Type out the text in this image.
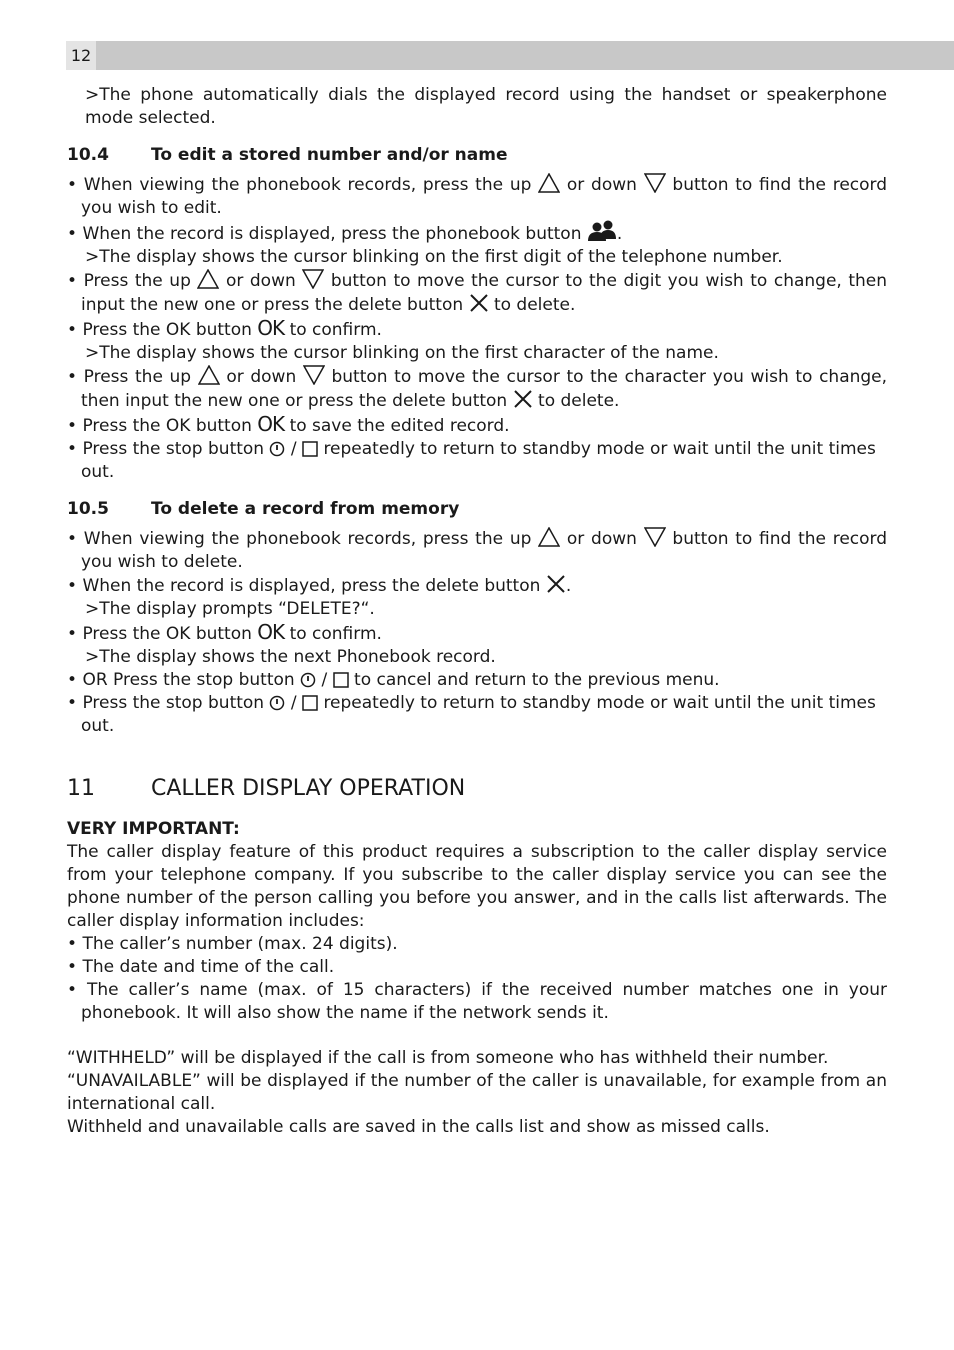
12

>The phone automatically dials the displayed record using the handset or speakerphone mode selected.

10.4 To edit a stored number and/or name

• When viewing the phonebook records, press the up or down button to find the record you wish to edit.

• When the record is displayed, press the phonebook button .

>The display shows the cursor blinking on the first digit of the telephone number.

• Press the up or down button to move the cursor to the digit you wish to change, then input the new one or press the delete button to delete.

• Press the OK button OK to confirm.

>The display shows the cursor blinking on the first character of the name.

• Press the up or down button to move the cursor to the character you wish to change, then input the new one or press the delete button to delete.

• Press the OK button OK to save the edited record.

• Press the stop button / repeatedly to return to standby mode or wait until the unit times out.

10.5 To delete a record from memory

• When viewing the phonebook records, press the up or down button to find the record you wish to delete.

• When the record is displayed, press the delete button .

>The display prompts “DELETE?“.

• Press the OK button OK to confirm.

>The display shows the next Phonebook record.

• OR Press the stop button / to cancel and return to the previous menu.

• Press the stop button / repeatedly to return to standby mode or wait until the unit times out.

11	CALLER DISPLAY OPERATION
VERY IMPORTANT:

The caller display feature of this product requires a subscription to the caller display service from your telephone company. If you subscribe to the caller display service you can see the phone number of the person calling you before you answer, and in the calls list afterwards. The caller display information includes:

• The caller’s number (max. 24 digits).

• The date and time of the call.

• The caller’s name (max. of 15 characters) if the received number matches one in your phonebook. It will also show the name if the network sends it.

“WITHHELD” will be displayed if the call is from someone who has withheld their number.

“UNAVAILABLE” will be displayed if the number of the caller is unavailable, for example from an international call.

Withheld and unavailable calls are saved in the calls list and show as missed calls.
